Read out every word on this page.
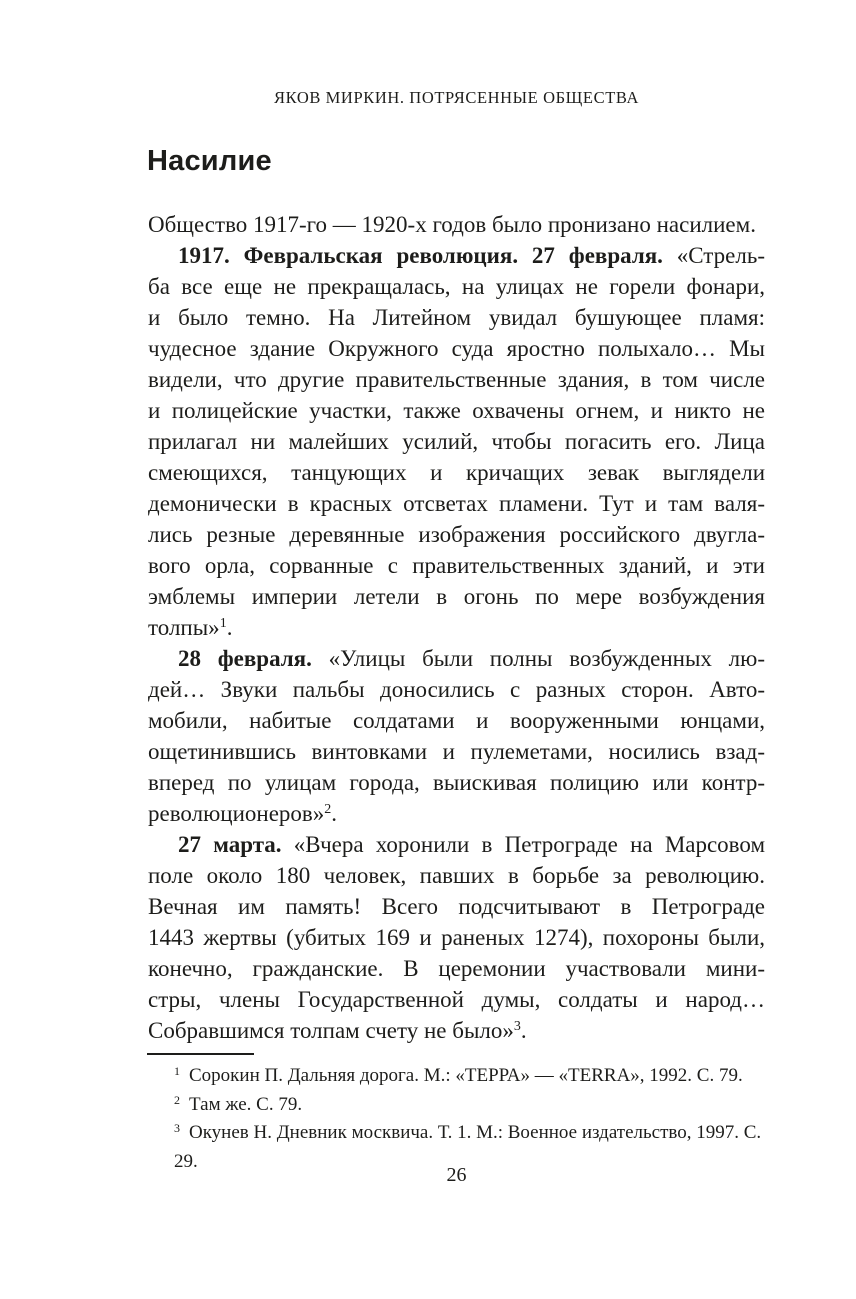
ЯКОВ МИРКИН. ПОТРЯСЕННЫЕ ОБЩЕСТВА
Насилие
Общество 1917-го — 1920-х годов было пронизано насилием.
1917. Февральская революция. 27 февраля. «Стрель-
ба все еще не прекращалась, на улицах не горели фонари,
и было темно. На Литейном увидал бушующее пламя:
чудесное здание Окружного суда яростно полыхало… Мы
видели, что другие правительственные здания, в том числе
и полицейские участки, также охвачены огнем, и никто не
прилагал ни малейших усилий, чтобы погасить его. Лица
смеющихся, танцующих и кричащих зевак выглядели
демонически в красных отсветах пламени. Тут и там валя-
лись резные деревянные изображения российского двугла-
вого орла, сорванные с правительственных зданий, и эти
эмблемы империи летели в огонь по мере возбуждения
толпы»$^1$.
28 февраля. «Улицы были полны возбужденных лю-
дей… Звуки пальбы доносились с разных сторон. Авто-
мобили, набитые солдатами и вооруженными юнцами,
ощетинившись винтовками и пулеметами, носились взад-
вперед по улицам города, выискивая полицию или контр-
революционеров»$^2$.
27 марта. «Вчера хоронили в Петрограде на Марсовом
поле около 180 человек, павших в борьбе за революцию.
Вечная им память! Всего подсчитывают в Петрограде
1443 жертвы (убитых 169 и раненых 1274), похороны были,
конечно, гражданские. В церемонии участвовали мини-
стры, члены Государственной думы, солдаты и народ…
Собравшимся толпам счету не было»$^3$.
$^1$ Сорокин П. Дальняя дорога. М.: «ТЕРРА» — «TERRA», 1992. С. 79.
$^2$ Там же. С. 79.
$^3$ Окунев Н. Дневник москвича. Т. 1. М.: Военное издательство, 1997. С. 29.
26
